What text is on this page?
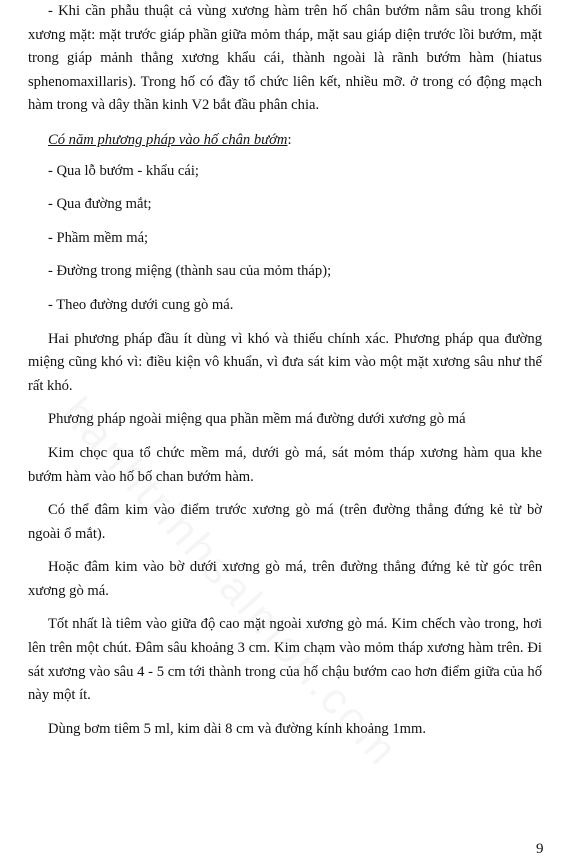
- Khi cần phẫu thuật cả vùng xương hàm trên hố chân bướm nằm sâu trong khối xương mặt: mặt trước giáp phần giữa mỏm tháp, mặt sau giáp diện trước lồi bướm, mặt trong giáp mảnh thẳng xương khẩu cái, thành ngoài là rãnh bướm hàm (hiatus sphenomaxillaris). Trong hố có đầy tổ chức liên kết, nhiều mỡ. ở trong có động mạch hàm trong và dây thần kinh V2 bắt đầu phân chia.

Có năm phương pháp vào hố chân bướm:

- Qua lỗ bướm - khẩu cái;

- Qua đường mắt;

- Phầm mềm má;

- Đường trong miệng (thành sau của mỏm tháp);

- Theo đường dưới cung gò má.

Hai phương pháp đầu ít dùng vì khó và thiếu chính xác. Phương pháp qua đường miệng cũng khó vì: điều kiện vô khuẩn, vì đưa sát kim vào một mặt xương sâu như thế rất khó.

Phương pháp ngoài miệng qua phần mềm má đường dưới xương gò má

Kim chọc qua tổ chức mềm má, dưới gò má, sát mỏm tháp xương hàm qua khe bướm hàm vào hố bố chan bướm hàm.

Có thể đâm kim vào điểm trước xương gò má (trên đường thẳng đứng kẻ từ bờ ngoài ổ mắt).

Hoặc đâm kim vào bờ dưới xương gò má, trên đường thẳng đứng kẻ từ góc trên xương gò má.

Tốt nhất là tiêm vào giữa độ cao mặt ngoài xương gò má. Kim chếch vào trong, hơi lên trên một chút. Đâm sâu khoảng 3 cm. Kim chạm vào mỏm tháp xương hàm trên. Đi sát xương vào sâu 4 - 5 cm tới thành trong của hố chậu bướm cao hơn điểm giữa của hố này một ít.

Dùng bơm tiêm 5 ml, kim dài 8 cm và đường kính khoảng 1mm.

9
